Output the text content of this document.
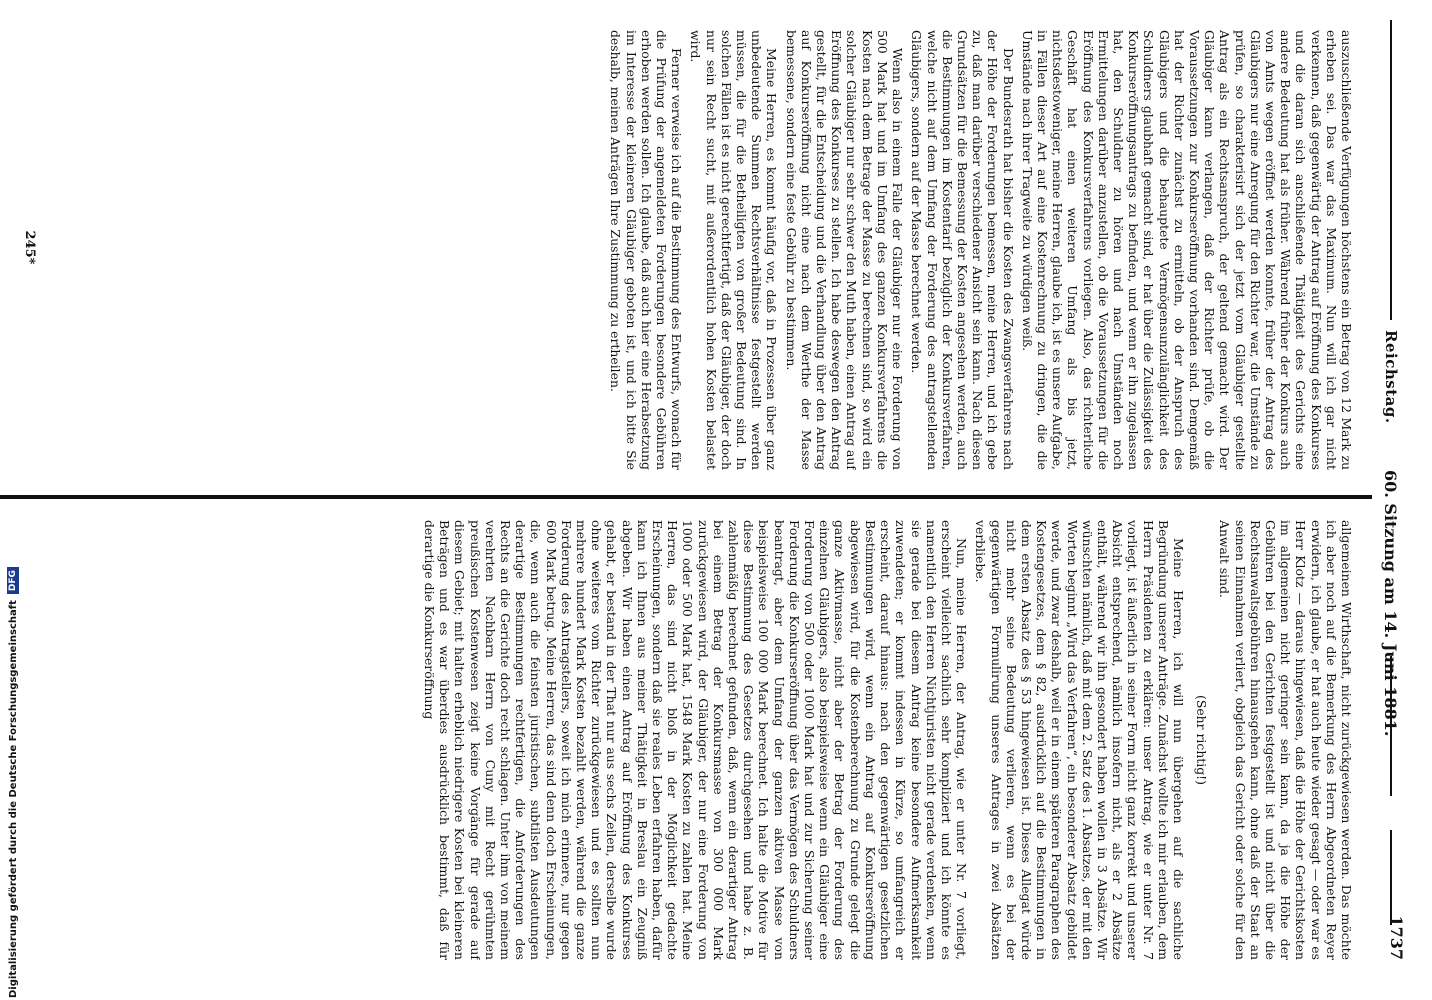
Reichstag.
60. Sitzung am 14. Juni 1881.
1737

auszuschließende Verfügungen höchstens ein Betrag von 12 Mark zu erheben sei. Das war das Maximum. Nun will ich gar nicht verkennen, daß gegenwärtig der Antrag auf Eröffnung des Konkurses und die daran sich anschließende Thätigkeit des Gerichts eine andere Bedeutung hat als früher. Während früher der Konkurs auch von Amts wegen eröffnet werden konnte, früher der Antrag des Gläubigers nur eine Anregung für den Richter war, die Umstände zu prüfen, so charakterisirt sich der jetzt vom Gläubiger gestellte Antrag als ein Rechtsanspruch, der geltend gemacht wird. Der Gläubiger kann verlangen, daß der Richter prüfe, ob die Voraussetzungen zur Konkurseröffnung vorhanden sind. Demgemäß hat der Richter zunächst zu ermitteln, ob der Anspruch des Gläubigers und die behauptete Vermögensunzulänglichkeit des Schuldners glaubhaft gemacht sind, er hat über die Zulässigkeit des Konkurseröffnungsantrags zu befinden, und wenn er ihn zugelassen hat, den Schuldner zu hören und nach Umständen noch Ermittelungen darüber anzustellen, ob die Voraussetzungen für die Eröffnung des Konkursverfahrens vorliegen. Also, das richterliche Geschäft hat einen weiteren Umfang als bis jetzt, nichtsdestoweniger, meine Herren, glaube ich, ist es unsere Aufgabe, in Fällen dieser Art auf eine Kostenrechnung zu dringen, die die Umstände nach ihrer Tragweite zu würdigen weiß.

Der Bundesrath hat bisher die Kosten des Zwangsverfahrens nach der Höhe der Forderungen bemessen, meine Herren, und ich gebe zu, daß man darüber verschiedener Ansicht sein kann. Nach diesen Grundsätzen für die Bemessung der Kosten angesehen werden, auch die Bestimmungen im Kostentarif bezüglich der Konkursverfahren, welche nicht auf dem Umfang der Forderung des antragstellenden Gläubigers, sondern auf der Masse berechnet werden.

Wenn also in einem Falle der Gläubiger nur eine Forderung von 500 Mark hat und im Umfang des ganzen Konkursverfahrens die Kosten nach dem Betrage der Masse zu berechnen sind, so wird ein solcher Gläubiger nur sehr schwer den Muth haben, einen Antrag auf Eröffnung des Konkurses zu stellen. Ich habe deswegen den Antrag gestellt, für die Entscheidung und die Verhandlung über den Antrag auf Konkurseröffnung nicht eine nach dem Werthe der Masse bemessene, sondern eine feste Gebühr zu bestimmen.

Meine Herren, es kommt häufig vor, daß in Prozessen über ganz unbedeutende Summen Rechtsverhältnisse festgestellt werden müssen, die für die Betheiligten von großer Bedeutung sind. In solchen Fällen ist es nicht gerechtfertigt, daß der Gläubiger, der doch nur sein Recht sucht, mit außerordentlich hohen Kosten belastet wird.

Ferner verweise ich auf die Bestimmung des Entwurfs, wonach für die Prüfung der angemeldeten Forderungen besondere Gebühren erhoben werden sollen. Ich glaube, daß auch hier eine Herabsetzung im Interesse der kleineren Gläubiger geboten ist, und ich bitte Sie deshalb, meinen Anträgen Ihre Zustimmung zu ertheilen.

allgemeinen Wirthschaft, nicht zurückgewiesen werden. Das möchte ich aber noch auf die Bemerkung des Herrn Abgeordneten Reyer erwidern, ich glaube, er hat auch heute wieder gesagt — oder war es Herr Klotz — daraus hingewiesen, daß die Höhe der Gerichtskosten im allgemeinen nicht geringer sein kann, da ja die Höhe der Gebühren bei den Gerichten festgestellt ist und nicht über die Rechtsanwaltsgebühren hinausgehen kann, ohne daß der Staat an seinen Einnahmen verliert, obgleich das Gericht oder solche für den Anwalt sind.

(Sehr richtig!)

Meine Herren, ich will nun übergehen auf die sachliche Begründung unserer Anträge. Zunächst wollte ich mir erlauben, dem Herrn Präsidenten zu erklären: unser Antrag, wie er unter Nr. 7 vorliegt, ist äußerlich in seiner Form nicht ganz korrekt und unserer Absicht entsprechend, nämlich insofern nicht, als er 2 Absätze enthält, während wir ihn gesondert haben wollen in 3 Absätze. Wir wünschten nämlich, daß mit dem 2. Satz des 1. Absatzes, der mit den Worten beginnt „Wird das Verfahren“, ein besonderer Absatz gebildet werde, und zwar deshalb, weil er in einem späteren Paragraphen des Kostengesetzes, dem § 82, ausdrücklich auf die Bestimmungen in dem ersten Absatz des § 53 hingewiesen ist. Dieses Allegat würde nicht mehr seine Bedeutung verlieren, wenn es bei der gegenwärtigen Formulirung unseres Antrages in zwei Absätzen verbliebe.

Nun, meine Herren, der Antrag, wie er unter Nr. 7 vorliegt, erscheint vielleicht sachlich sehr kompliziert und ich könnte es namentlich den Herren Nichtjuristen nicht gerade verdenken, wenn sie gerade bei diesem Antrag keine besondere Aufmerksamkeit zuwendeten; er kommt indessen in Kürze, so umfangreich er erscheint, darauf hinaus: nach den gegenwärtigen gesetzlichen Bestimmungen wird, wenn ein Antrag auf Konkurseröffnung abgewiesen wird, für die Kostenberechnung zu Grunde gelegt die ganze Aktivmasse, nicht aber der Betrag der Forderung des einzelnen Gläubigers, also beispielsweise wenn ein Gläubiger eine Forderung von 500 oder 1000 Mark hat und zur Sicherung seiner Forderung die Konkurseröffnung über das Vermögen des Schuldners beantragt, aber dem Umfang der ganzen aktiven Masse von beispielsweise 100 000 Mark berechnet. Ich halte die Motive für diese Bestimmung des Gesetzes durchgesehen und habe z. B. zahlenmäßig berechnet gefunden, daß, wenn ein derartiger Antrag bei einem Betrag der Konkursmasse von 300 000 Mark zurückgewiesen wird, der Gläubiger, der nur eine Forderung von 1000 oder 500 Mark hat, 1548 Mark Kosten zu zahlen hat. Meine Herren, das sind nicht bloß in der Möglichkeit gedachte Erscheinungen, sondern daß sie reales Leben erfahren haben, dafür kann ich Ihnen aus meiner Thätigkeit in Breslau ein Zeugniß abgeben. Wir haben einen Antrag auf Eröffnung des Konkurses gehabt, er bestand in der That nur aus sechs Zeilen, derselbe wurde ohne weiteres vom Richter zurückgewiesen und es sollten nun mehrere hundert Mark Kosten bezahlt werden, während die ganze Forderung des Antragstellers, soweit ich mich erinnere, nur gegen 600 Mark betrug. Meine Herren, das sind denn doch Erscheinungen, die, wenn auch die feinsten juristischen, subtilsten Ausdeutungen derartige Bestimmungen rechtfertigen, die Anforderungen des Rechts an die Gerichte doch recht schlagen. Unter ihm von meinem verehrten Nachbarn Herrn von Cuny mit Recht gerühmten preußischen Kostenwesen zeigt keine Vorgänge für gerade auf diesem Gebiet; mit halten erheblich niedrigere Kosten bei kleineren Beträgen und es war überdies ausdrücklich bestimmt, daß für derartige die Konkurseröffnung

245*
Digitalisierung gefördert durch die Deutsche Forschungsgemeinschaft
DFG
